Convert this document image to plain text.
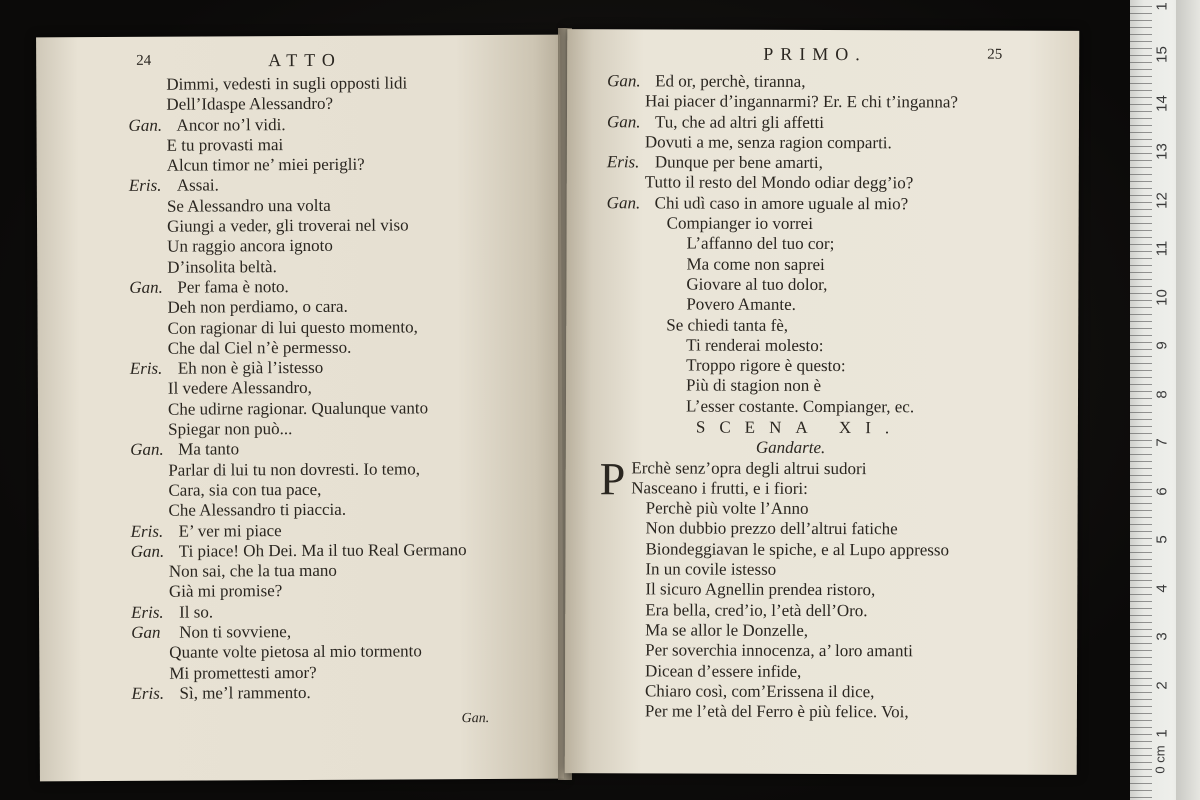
24	ATTO
Dimmi, vedesti in sugli opposti lidi
Dell’Idaspe Alessandro?
Gan. Ancor no’l vidi.
E tu provasti mai
Alcun timor ne’ miei perigli?
Eris. Assai.
Se Alessandro una volta
Giungi a veder, gli troverai nel viso
Un raggio ancora ignoto
D’insolita beltà.
Gan. Per fama è noto.
Deh non perdiamo, o cara.
Con ragionar di lui questo momento,
Che dal Ciel n’è permesso.
Eris. Eh non è già l’istesso
Il vedere Alessandro,
Che udirne ragionar. Qualunque vanto
Spiegar non può...
Gan. Ma tanto
Parlar di lui tu non dovresti. Io temo,
Cara, sia con tua pace,
Che Alessandro ti piaccia.
Eris. E’ ver mi piace
Gan. Ti piace! Oh Dei. Ma il tuo Real Germano
Non sai, che la tua mano
Già mi promise?
Eris. Il so.
Gan Non ti sovviene,
Quante volte pietosa al mio tormento
Mi promettesti amor?
Eris. Sì, me’l rammento.
Gan.
PRIMO.	25
Gan. Ed or, perchè, tiranna,
Hai piacer d’ingannarmi? Er. E chi t’inganna?
Gan. Tu, che ad altri gli affetti
Dovuti a me, senza ragion comparti.
Eris. Dunque per bene amarti,
Tutto il resto del Mondo odiar degg’io?
Gan. Chi udì caso in amore uguale al mio?
Compianger io vorrei
L’affanno del tuo cor;
Ma come non saprei
Giovare al tuo dolor,
Povero Amante.
Se chiedi tanta fè,
Ti renderai molesto:
Troppo rigore è questo:
Più di stagion non è
L’esser costante. Compianger, ec.
SCENA XI.
Gandarte.
P Erchè senz’opra degli altrui sudori
Nasceano i frutti, e i fiori:
Perchè più volte l’Anno
Non dubbio prezzo dell’altrui fatiche
Biondeggiavan le spiche, e al Lupo appresso
In un covile istesso
Il sicuro Agnellin prendea ristoro,
Era bella, cred’io, l’età dell’Oro.
Ma se allor le Donzelle,
Per soverchia innocenza, a’ loro amanti
Dicean d’essere infide,
Chiaro così, com’Erissena il dice,
Per me l’età del Ferro è più felice. Voi,
1
2
3
4
5
6
7
8
9
10
11
12
13
14
15
1
0 cm
